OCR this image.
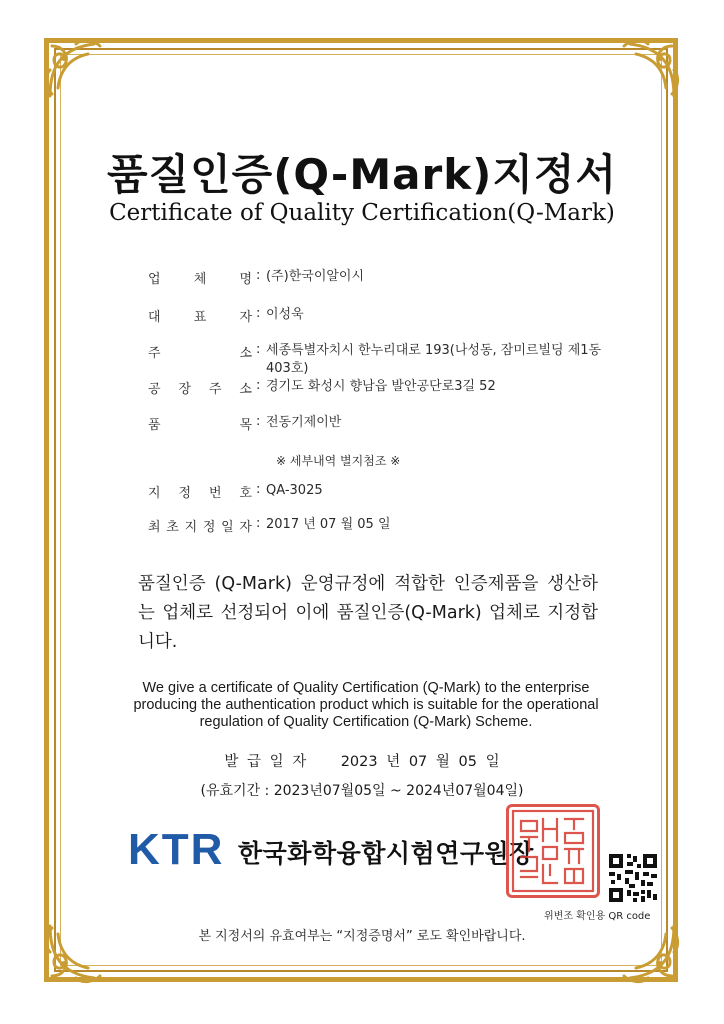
품질인증(Q-Mark)지정서
Certificate of Quality Certification(Q-Mark)
업	체	명 : (주)한국이알이시
대	표	자 : 이성욱
주	소 : 세종특별자치시 한누리대로 193(나성동, 잠미르빌딩 제1동403호)
공 장 주 소 : 경기도 화성시 향남읍 발안공단로3길 52
품	목 : 전동기제이반
※ 세부내역 별지첨조 ※
지 정 번 호 : QA-3025
최 초 지 정 일 자 : 2017 년 07 월 05 일
품질인증 (Q-Mark) 운영규정에 적합한 인증제품을 생산하는 업체로 선정되어 이에 품질인증(Q-Mark) 업체로 지정합니다.
We give a certificate of Quality Certification (Q-Mark) to the enterprise producing the authentication product which is suitable for the operational regulation of Quality Certification (Q-Mark) Scheme.
발 급 일 자 2023 년 07 월 05 일
(유효기간 : 2023년07월05일 ~ 2024년07월04일)
KTR 한국화학융합시험연구원장
위변조 확인용 QR code
본 지정서의 유효여부는 “지정증명서” 로도 확인바랍니다.
